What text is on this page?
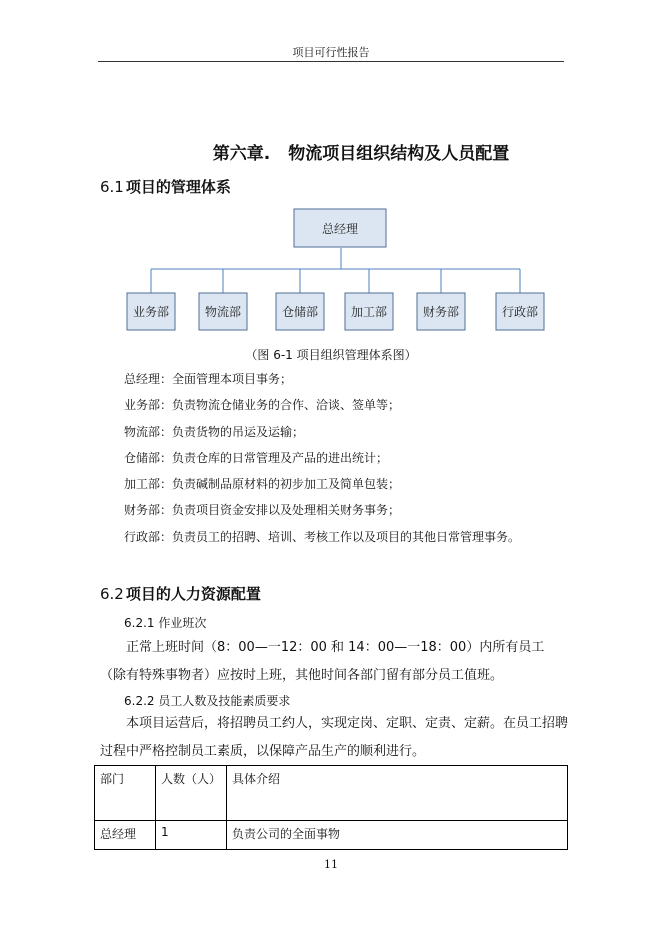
项目可行性报告
第六章. 物流项目组织结构及人员配置
6.1 项目的管理体系
总经理
业务部	物流部	仓储部	加工部	财务部	行政部
（图 6-1 项目组织管理体系图）
总经理：全面管理本项目事务；
业务部：负责物流仓储业务的合作、洽谈、签单等；
物流部：负责货物的吊运及运输；
仓储部：负责仓库的日常管理及产品的进出统计；
加工部：负责碱制品原材料的初步加工及简单包装；
财务部：负责项目资金安排以及处理相关财务事务；
行政部：负责员工的招聘、培训、考核工作以及项目的其他日常管理事务。
6.2 项目的人力资源配置
6.2.1 作业班次
正常上班时间（8：00—一12：00 和 14：00—一18：00）内所有员工（除有特殊事物者）应按时上班，其他时间各部门留有部分员工值班。
6.2.2 员工人数及技能素质要求
本项目运营后，将招聘员工约人，实现定岗、定职、定责、定薪。在员工招聘过程中严格控制员工素质，以保障产品生产的顺利进行。
部门	人数（人）	具体介绍
总经理	1	负责公司的全面事物
11
